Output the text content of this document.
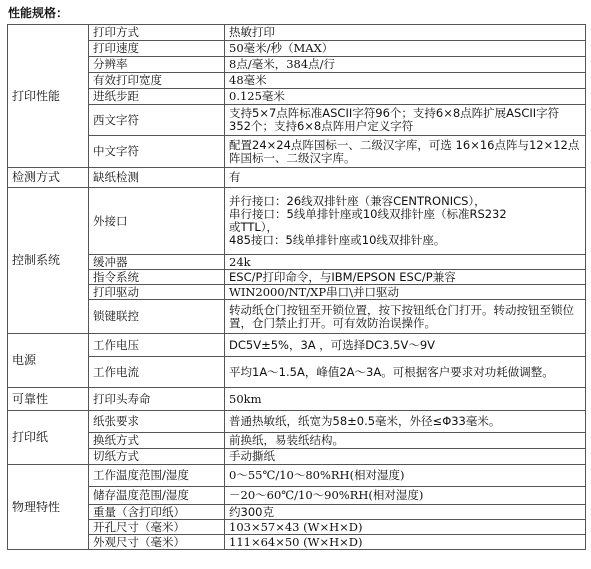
性能规格：
打印性能	打印方式	热敏打印
	打印速度	50毫米/秒（MAX）
	分辨率	8点/毫米，384点/行
	有效打印宽度	48毫米
	进纸步距	0.125毫米
	西文字符	支持5×7点阵标准ASCII字符96个；支持6×8点阵扩展ASCII字符352个；支持6×8点阵用户定义字符
	中文字符	配置24×24点阵国标一、二级汉字库，可选 16×16点阵与12×12点阵国标一、二级汉字库。
检测方式	缺纸检测	有
控制系统	外接口	并行接口：26线双排针座（兼容CENTRONICS），
串行接口：5线单排针座或10线双排针座（标准RS232
或TTL），
485接口：5线单排针座或10线双排针座。

	缓冲器	24k
	指令系统	ESC/P打印命令，与IBM/EPSON ESC/P兼容
	打印驱动	WIN2000/NT/XP串口\并口驱动
	锁键联控	转动纸仓门按钮至开锁位置，按下按钮纸仓门打开。转动按钮至锁位置，仓门禁止打开。可有效防治误操作。
电源	工作电压	DC5V±5%，3A ，可选择DC3.5V～9V
	工作电流	平均1A～1.5A，峰值2A～3A。可根据客户要求对功耗做调整。
可靠性	打印头寿命	50km
打印纸	纸张要求	普通热敏纸，纸宽为58±0.5毫米，外径≤Φ33毫米。
	换纸方式	前换纸，易装纸结构。
	切纸方式	手动撕纸
物理特性	工作温度范围/湿度	0～55℃/10～80%RH(相对湿度)
	储存温度范围/湿度	－20～60℃/10～90%RH(相对湿度)
	重量（含打印纸）	约300克
	开孔尺寸（毫米）	103×57×43 (W×H×D)
	外观尺寸（毫米）	111×64×50 (W×H×D)
